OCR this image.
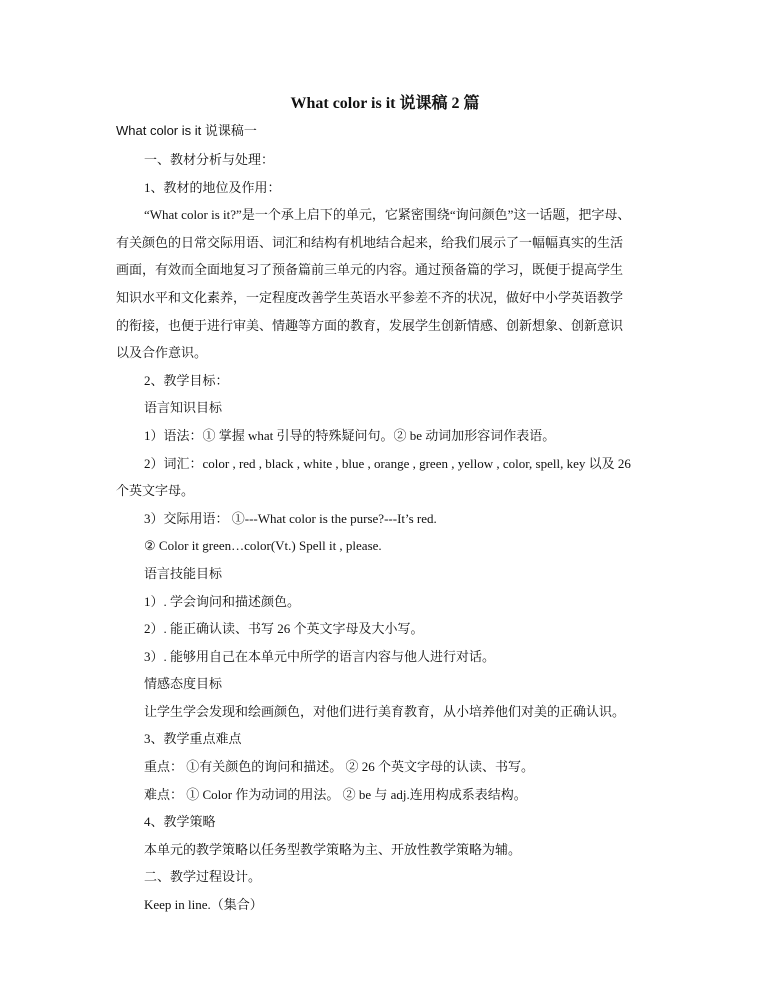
What color is it 说课稿 2 篇
What color is it 说课稿一
一、教材分析与处理：
1、教材的地位及作用：
“What color is it?”是一个承上启下的单元，它紧密围绕“询问颜色”这一话题，把字母、
有关颜色的日常交际用语、词汇和结构有机地结合起来，给我们展示了一幅幅真实的生活
画面，有效而全面地复习了预备篇前三单元的内容。通过预备篇的学习，既便于提高学生
知识水平和文化素养，一定程度改善学生英语水平参差不齐的状况，做好中小学英语教学
的衔接，也便于进行审美、情趣等方面的教育，发展学生创新情感、创新想象、创新意识
以及合作意识。
2、教学目标：
语言知识目标
1）语法：① 掌握 what 引导的特殊疑问句。② be 动词加形容词作表语。
2）词汇：color , red , black , white , blue , orange , green , yellow , color, spell, key 以及 26
个英文字母。
3）交际用语： ①---What color is the purse?---It’s red.
② Color it green…color(Vt.) Spell it , please.
语言技能目标
1）. 学会询问和描述颜色。
2）. 能正确认读、书写 26 个英文字母及大小写。
3）. 能够用自己在本单元中所学的语言内容与他人进行对话。
情感态度目标
让学生学会发现和绘画颜色，对他们进行美育教育，从小培养他们对美的正确认识。
3、教学重点难点
重点： ①有关颜色的询问和描述。 ② 26 个英文字母的认读、书写。
难点： ① Color 作为动词的用法。 ② be 与 adj.连用构成系表结构。
4、教学策略
本单元的教学策略以任务型教学策略为主、开放性教学策略为辅。
二、教学过程设计。
Keep in line.（集合）
